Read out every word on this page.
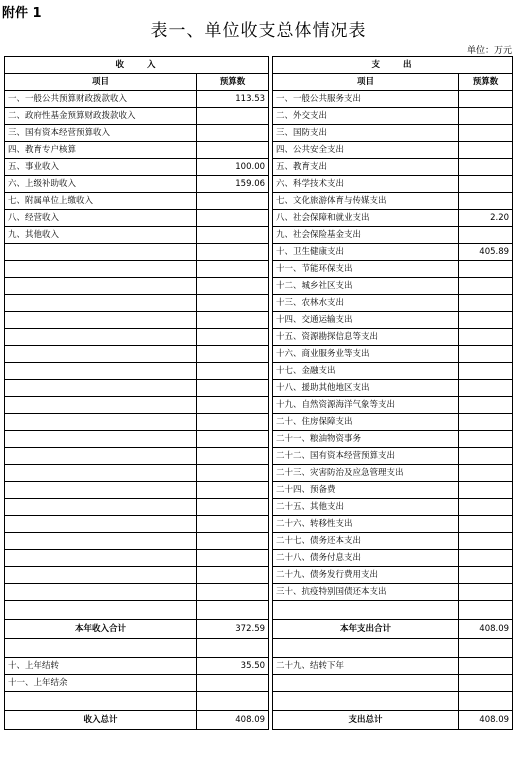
附件 1
表一、单位收支总体情况表
单位：万元
收　　入			支　　出	
项目	预算数		项目	预算数
一、一般公共预算财政拨款收入	113.53		一、一般公共服务支出	
二、政府性基金预算财政拨款收入			二、外交支出	
三、国有资本经营预算收入			三、国防支出	
四、教育专户核算			四、公共安全支出	
五、事业收入	100.00		五、教育支出	
六、上级补助收入	159.06		六、科学技术支出	
七、附属单位上缴收入			七、文化旅游体育与传媒支出	
八、经营收入			八、社会保障和就业支出	2.20
九、其他收入			九、社会保险基金支出	
			十、卫生健康支出	405.89
			十一、节能环保支出	
			十二、城乡社区支出	
			十三、农林水支出	
			十四、交通运输支出	
			十五、资源勘探信息等支出	
			十六、商业服务业等支出	
			十七、金融支出	
			十八、援助其他地区支出	
			十九、自然资源海洋气象等支出	
			二十、住房保障支出	
			二十一、粮油物资事务	
			二十二、国有资本经营预算支出	
			二十三、灾害防治及应急管理支出	
			二十四、预备费	
			二十五、其他支出	
			二十六、转移性支出	
			二十七、债务还本支出	
			二十八、债务付息支出	
			二十九、债务发行费用支出	
			三十、抗疫特别国债还本支出	

本年收入合计	372.59		本年支出合计	408.09

十、上年结转	35.50		二十九、结转下年	
十一、上年结余				

收入总计	408.09		支出总计	408.09
